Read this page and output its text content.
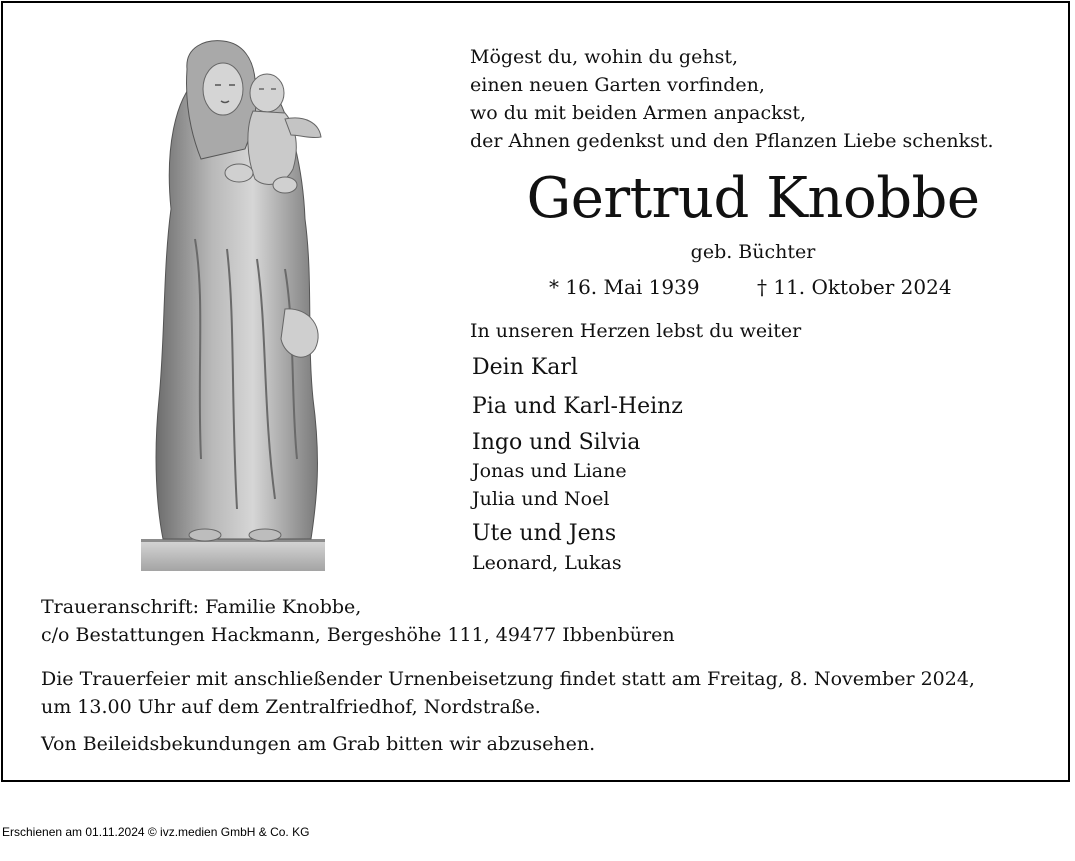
Mögest du, wohin du gehst,
einen neuen Garten vorfinden,
wo du mit beiden Armen anpackst,
der Ahnen gedenkst und den Pflanzen Liebe schenkst.
Gertrud Knobbe
geb. Büchter
* 16. Mai 1939	† 11. Oktober 2024
In unseren Herzen lebst du weiter
Dein Karl
Pia und Karl-Heinz
Ingo und Silvia
Jonas und Liane
Julia und Noel
Ute und Jens
Leonard, Lukas
Traueranschrift: Familie Knobbe,
c/o Bestattungen Hackmann, Bergeshöhe 111, 49477 Ibbenbüren
Die Trauerfeier mit anschließender Urnenbeisetzung findet statt am Freitag, 8. November 2024,
um 13.00 Uhr auf dem Zentralfriedhof, Nordstraße.
Von Beileidsbekundungen am Grab bitten wir abzusehen.
Erschienen am 01.11.2024 © ivz.medien GmbH & Co. KG
